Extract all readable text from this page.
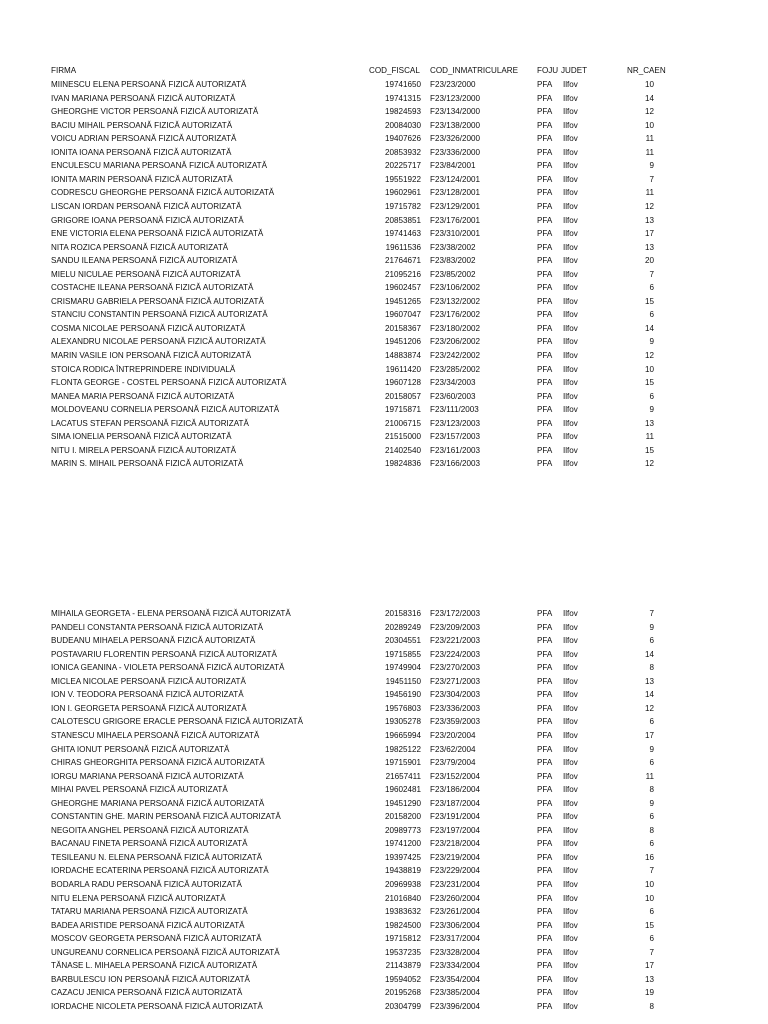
FIRMA	COD_FISCAL	COD_INMATRICULARE	FOJU JUDET	NR_CAEN
MIINESCU ELENA PERSOANĂ FIZICĂ AUTORIZATĂ	19741650 F23/23/2000	PFA	Ilfov	10
IVAN MARIANA PERSOANĂ FIZICĂ AUTORIZATĂ	19741315 F23/123/2000	PFA	Ilfov	14
GHEORGHE VICTOR PERSOANĂ FIZICĂ AUTORIZATĂ	19824593 F23/134/2000	PFA	Ilfov	12
BACIU MIHAIL PERSOANĂ FIZICĂ AUTORIZATĂ	20084030 F23/138/2000	PFA	Ilfov	10
VOICU ADRIAN PERSOANĂ FIZICĂ AUTORIZATĂ	19407626 F23/326/2000	PFA	Ilfov	11
IONITA IOANA PERSOANĂ FIZICĂ AUTORIZATĂ	20853932 F23/336/2000	PFA	Ilfov	11
ENCULESCU MARIANA PERSOANĂ FIZICĂ AUTORIZATĂ	20225717 F23/84/2001	PFA	Ilfov	9
IONITA MARIN PERSOANĂ FIZICĂ AUTORIZATĂ	19551922 F23/124/2001	PFA	Ilfov	7
CODRESCU GHEORGHE PERSOANĂ FIZICĂ AUTORIZATĂ	19602961 F23/128/2001	PFA	Ilfov	11
LISCAN IORDAN PERSOANĂ FIZICĂ AUTORIZATĂ	19715782 F23/129/2001	PFA	Ilfov	12
GRIGORE IOANA PERSOANĂ FIZICĂ AUTORIZATĂ	20853851 F23/176/2001	PFA	Ilfov	13
ENE VICTORIA ELENA PERSOANĂ FIZICĂ AUTORIZATĂ	19741463 F23/310/2001	PFA	Ilfov	17
NITA ROZICA PERSOANĂ FIZICĂ AUTORIZATĂ	19611536 F23/38/2002	PFA	Ilfov	13
SANDU ILEANA PERSOANĂ FIZICĂ AUTORIZATĂ	21764671 F23/83/2002	PFA	Ilfov	20
MIELU NICULAE PERSOANĂ FIZICĂ AUTORIZATĂ	21095216 F23/85/2002	PFA	Ilfov	7
COSTACHE ILEANA PERSOANĂ FIZICĂ AUTORIZATĂ	19602457 F23/106/2002	PFA	Ilfov	6
CRISMARU GABRIELA PERSOANĂ FIZICĂ AUTORIZATĂ	19451265 F23/132/2002	PFA	Ilfov	15
STANCIU CONSTANTIN PERSOANĂ FIZICĂ AUTORIZATĂ	19607047 F23/176/2002	PFA	Ilfov	6
COSMA NICOLAE PERSOANĂ FIZICĂ AUTORIZATĂ	20158367 F23/180/2002	PFA	Ilfov	14
ALEXANDRU NICOLAE PERSOANĂ FIZICĂ AUTORIZATĂ	19451206 F23/206/2002	PFA	Ilfov	9
MARIN VASILE ION PERSOANĂ FIZICĂ AUTORIZATĂ	14883874 F23/242/2002	PFA	Ilfov	12
STOICA RODICA ÎNTREPRINDERE INDIVIDUALĂ	19611420 F23/285/2002	PFA	Ilfov	10
FLONTA GEORGE - COSTEL PERSOANĂ FIZICĂ AUTORIZATĂ	19607128 F23/34/2003	PFA	Ilfov	15
MANEA MARIA PERSOANĂ FIZICĂ AUTORIZATĂ	20158057 F23/60/2003	PFA	Ilfov	6
MOLDOVEANU CORNELIA PERSOANĂ FIZICĂ AUTORIZATĂ	19715871 F23/111/2003	PFA	Ilfov	9
LACATUS STEFAN PERSOANĂ FIZICĂ AUTORIZATĂ	21006715 F23/123/2003	PFA	Ilfov	13
SIMA IONELIA PERSOANĂ FIZICĂ AUTORIZATĂ	21515000 F23/157/2003	PFA	Ilfov	11
NITU I. MIRELA PERSOANĂ FIZICĂ AUTORIZATĂ	21402540 F23/161/2003	PFA	Ilfov	15
MARIN S. MIHAIL PERSOANĂ FIZICĂ AUTORIZATĂ	19824836 F23/166/2003	PFA	Ilfov	12
MIHAILA GEORGETA - ELENA PERSOANĂ FIZICĂ AUTORIZATĂ	20158316 F23/172/2003	PFA	Ilfov	7
PANDELI CONSTANTA PERSOANĂ FIZICĂ AUTORIZATĂ	20289249 F23/209/2003	PFA	Ilfov	9
BUDEANU MIHAELA PERSOANĂ FIZICĂ AUTORIZATĂ	20304551 F23/221/2003	PFA	Ilfov	6
POSTAVARIU FLORENTIN PERSOANĂ FIZICĂ AUTORIZATĂ	19715855 F23/224/2003	PFA	Ilfov	14
IONICA GEANINA - VIOLETA PERSOANĂ FIZICĂ AUTORIZATĂ	19749904 F23/270/2003	PFA	Ilfov	8
MICLEA NICOLAE PERSOANĂ FIZICĂ AUTORIZATĂ	19451150 F23/271/2003	PFA	Ilfov	13
ION V. TEODORA PERSOANĂ FIZICĂ AUTORIZATĂ	19456190 F23/304/2003	PFA	Ilfov	14
ION I. GEORGETA PERSOANĂ FIZICĂ AUTORIZATĂ	19576803 F23/336/2003	PFA	Ilfov	12
CALOTESCU GRIGORE ERACLE PERSOANĂ FIZICĂ AUTORIZATĂ	19305278 F23/359/2003	PFA	Ilfov	6
STANESCU MIHAELA PERSOANĂ FIZICĂ AUTORIZATĂ	19665994 F23/20/2004	PFA	Ilfov	17
GHITA IONUT PERSOANĂ FIZICĂ AUTORIZATĂ	19825122 F23/62/2004	PFA	Ilfov	9
CHIRAS GHEORGHITA PERSOANĂ FIZICĂ AUTORIZATĂ	19715901 F23/79/2004	PFA	Ilfov	6
IORGU MARIANA PERSOANĂ FIZICĂ AUTORIZATĂ	21657411 F23/152/2004	PFA	Ilfov	11
MIHAI PAVEL PERSOANĂ FIZICĂ AUTORIZATĂ	19602481 F23/186/2004	PFA	Ilfov	8
GHEORGHE MARIANA PERSOANĂ FIZICĂ AUTORIZATĂ	19451290 F23/187/2004	PFA	Ilfov	9
CONSTANTIN GHE. MARIN PERSOANĂ FIZICĂ AUTORIZATĂ	20158200 F23/191/2004	PFA	Ilfov	6
NEGOITA ANGHEL PERSOANĂ FIZICĂ AUTORIZATĂ	20989773 F23/197/2004	PFA	Ilfov	8
BACANAU FINETA PERSOANĂ FIZICĂ AUTORIZATĂ	19741200 F23/218/2004	PFA	Ilfov	6
TESILEANU N. ELENA PERSOANĂ FIZICĂ AUTORIZATĂ	19397425 F23/219/2004	PFA	Ilfov	16
IORDACHE ECATERINA PERSOANĂ FIZICĂ AUTORIZATĂ	19438819 F23/229/2004	PFA	Ilfov	7
BODARLA RADU PERSOANĂ FIZICĂ AUTORIZATĂ	20969938 F23/231/2004	PFA	Ilfov	10
NITU ELENA PERSOANĂ FIZICĂ AUTORIZATĂ	21016840 F23/260/2004	PFA	Ilfov	10
TATARU MARIANA PERSOANĂ FIZICĂ AUTORIZATĂ	19383632 F23/261/2004	PFA	Ilfov	6
BADEA ARISTIDE PERSOANĂ FIZICĂ AUTORIZATĂ	19824500 F23/306/2004	PFA	Ilfov	15
MOSCOV GEORGETA PERSOANĂ FIZICĂ AUTORIZATĂ	19715812 F23/317/2004	PFA	Ilfov	6
UNGUREANU CORNELICA PERSOANĂ FIZICĂ AUTORIZATĂ	19537235 F23/328/2004	PFA	Ilfov	7
TĂNASE L. MIHAELA PERSOANĂ FIZICĂ AUTORIZATĂ	21143879 F23/334/2004	PFA	Ilfov	17
BARBULESCU ION PERSOANĂ FIZICĂ AUTORIZATĂ	19594052 F23/354/2004	PFA	Ilfov	13
CAZACU JENICA PERSOANĂ FIZICĂ AUTORIZATĂ	20195268 F23/385/2004	PFA	Ilfov	19
IORDACHE NICOLETA PERSOANĂ FIZICĂ AUTORIZATĂ	20304799 F23/396/2004	PFA	Ilfov	8
